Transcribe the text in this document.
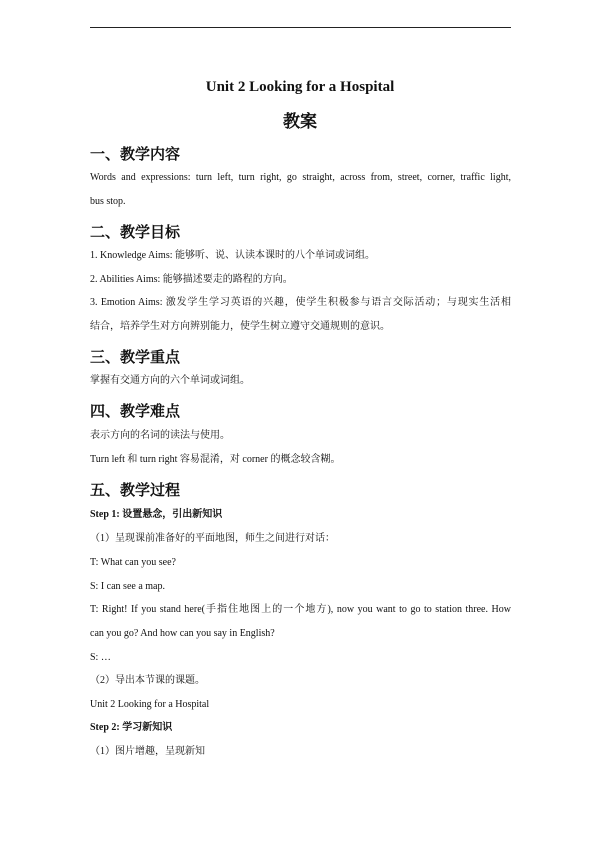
Unit 2 Looking for a Hospital
教案
一、教学内容
Words and expressions: turn left, turn right, go straight, across from, street, corner, traffic light,
bus stop.
二、教学目标
1. Knowledge Aims: 能够听、说、认读本课时的八个单词或词组。
2. Abilities Aims: 能够描述要走的路程的方向。
3. Emotion Aims: 激发学生学习英语的兴趣，使学生积极参与语言交际活动；与现实生活相
结合，培养学生对方向辨别能力，使学生树立遵守交通规则的意识。
三、教学重点
掌握有交通方向的六个单词或词组。
四、教学难点
表示方向的名词的读法与使用。
Turn left 和 turn right 容易混淆，对 corner 的概念较含糊。
五、教学过程
Step 1: 设置悬念，引出新知识
（1）呈现课前准备好的平面地图，师生之间进行对话：
T: What can you see?
S: I can see a map.
T: Right! If you stand here(手指住地图上的一个地方), now you want to go to station three. How
can you go? And how can you say in English?
S: …
（2）导出本节课的课题。
Unit 2 Looking for a Hospital
Step 2: 学习新知识
（1）图片增趣，呈现新知
